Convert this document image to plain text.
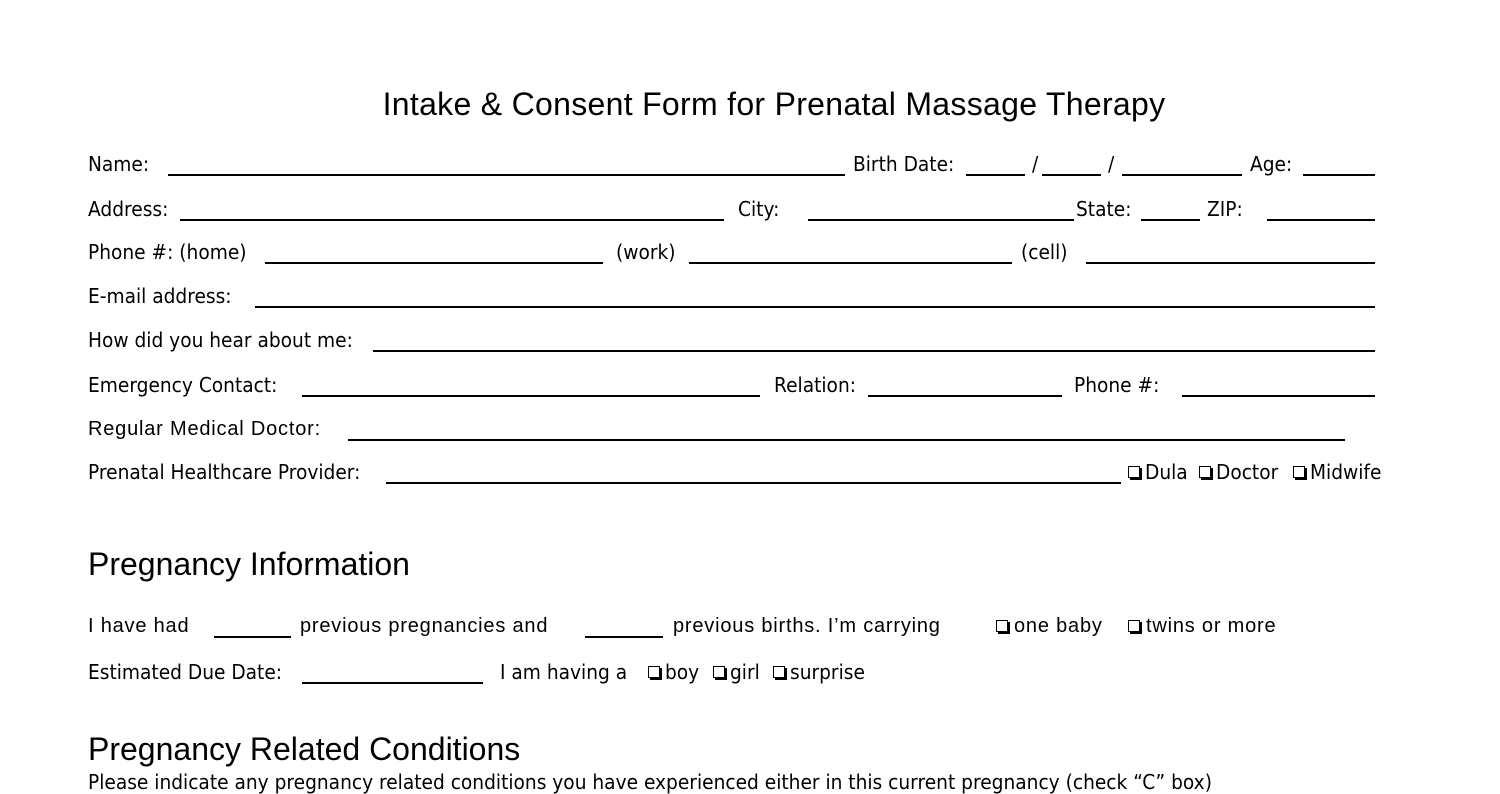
Intake & Consent Form for Prenatal Massage Therapy
Name:	Birth Date:	/	/	Age:
Address:	City:	State:	ZIP:
Phone #: (home)	(work)	(cell)
E-mail address:
How did you hear about me:
Emergency Contact:	Relation:	Phone #:
Regular Medical Doctor:
Prenatal Healthcare Provider:	Dula Doctor Midwife
Pregnancy Information
I have had	previous pregnancies and	previous births. I’m carrying	one baby twins or more
Estimated Due Date:	I am having a boy girl surprise
Pregnancy Related Conditions
Please indicate any pregnancy related conditions you have experienced either in this current pregnancy (check “C” box)
